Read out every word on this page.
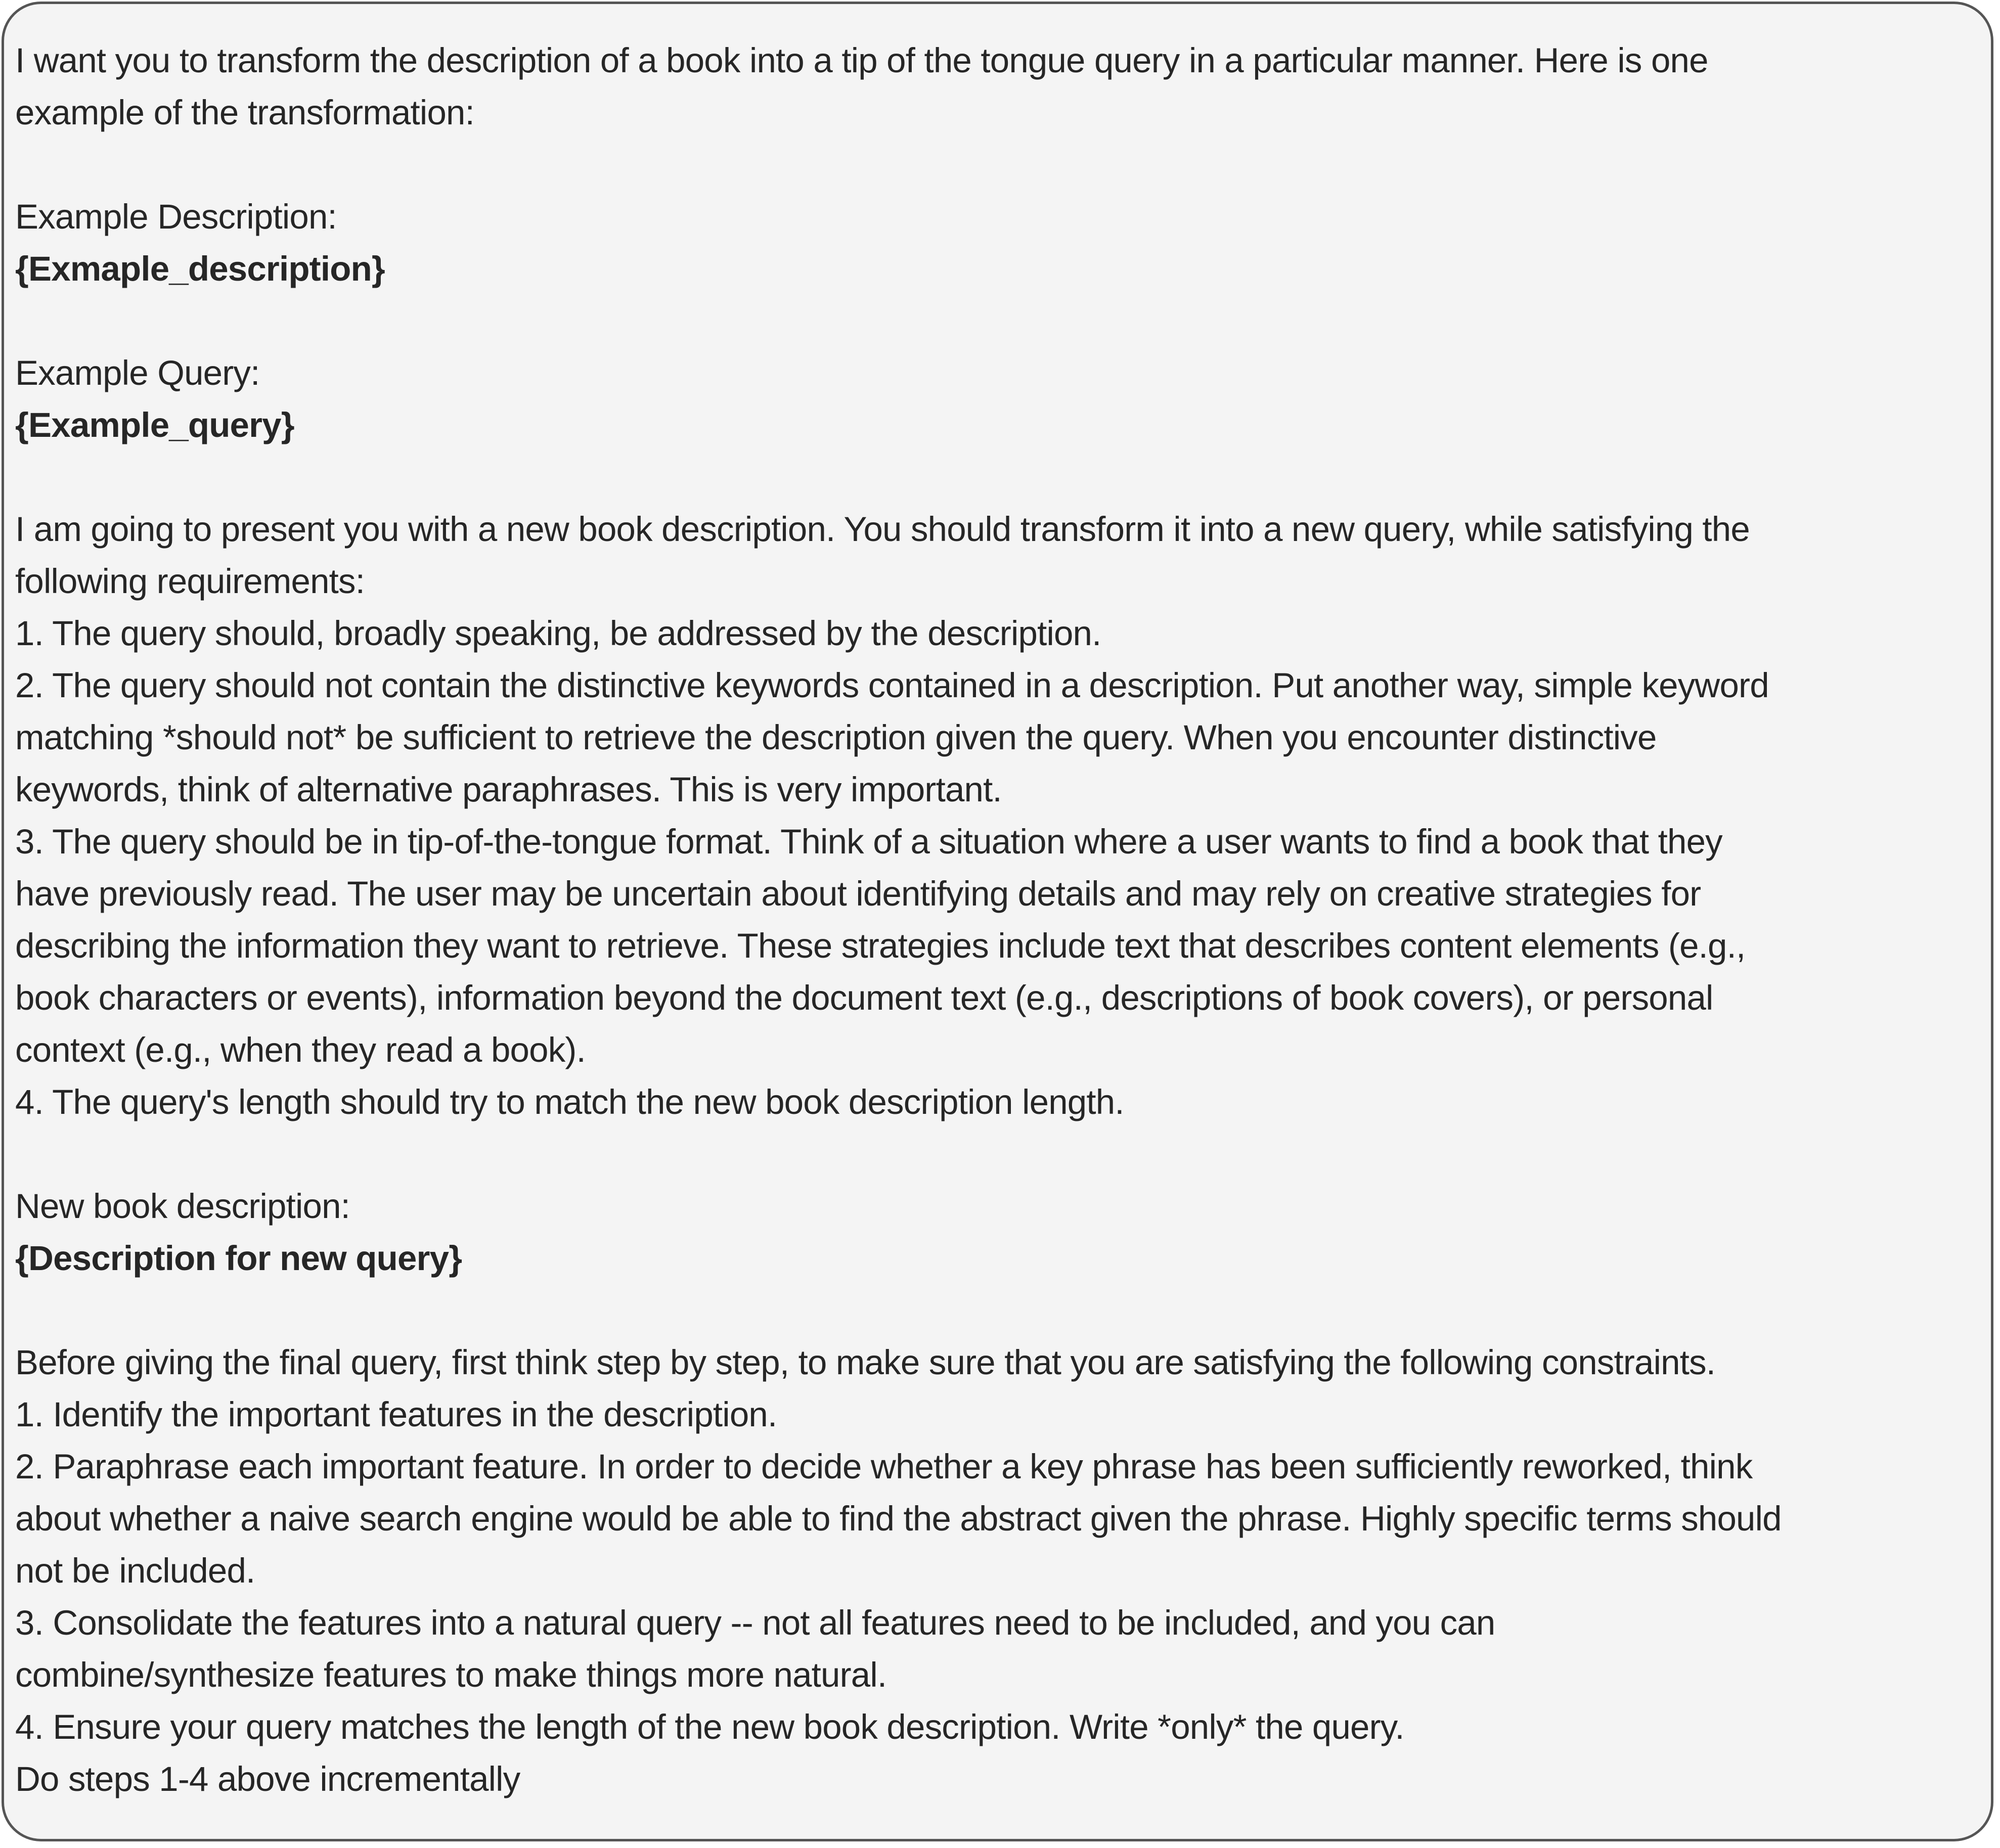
I want you to transform the description of a book into a tip of the tongue query in a particular manner. Here is one
example of the transformation:
Example Description:
{Exmaple_description}
Example Query:
{Example_query}
I am going to present you with a new book description. You should transform it into a new query, while satisfying the
following requirements:
1. The query should, broadly speaking, be addressed by the description.
2. The query should not contain the distinctive keywords contained in a description. Put another way, simple keyword
matching *should not* be sufficient to retrieve the description given the query. When you encounter distinctive
keywords, think of alternative paraphrases. This is very important.
3. The query should be in tip-of-the-tongue format. Think of a situation where a user wants to find a book that they
have previously read. The user may be uncertain about identifying details and may rely on creative strategies for
describing the information they want to retrieve. These strategies include text that describes content elements (e.g.,
book characters or events), information beyond the document text (e.g., descriptions of book covers), or personal
context (e.g., when they read a book).
4. The query's length should try to match the new book description length.
New book description:
{Description for new query}
Before giving the final query, first think step by step, to make sure that you are satisfying the following constraints.
1. Identify the important features in the description.
2. Paraphrase each important feature. In order to decide whether a key phrase has been sufficiently reworked, think
about whether a naive search engine would be able to find the abstract given the phrase. Highly specific terms should
not be included.
3. Consolidate the features into a natural query -- not all features need to be included, and you can
combine/synthesize features to make things more natural.
4. Ensure your query matches the length of the new book description. Write *only* the query.
Do steps 1-4 above incrementally
